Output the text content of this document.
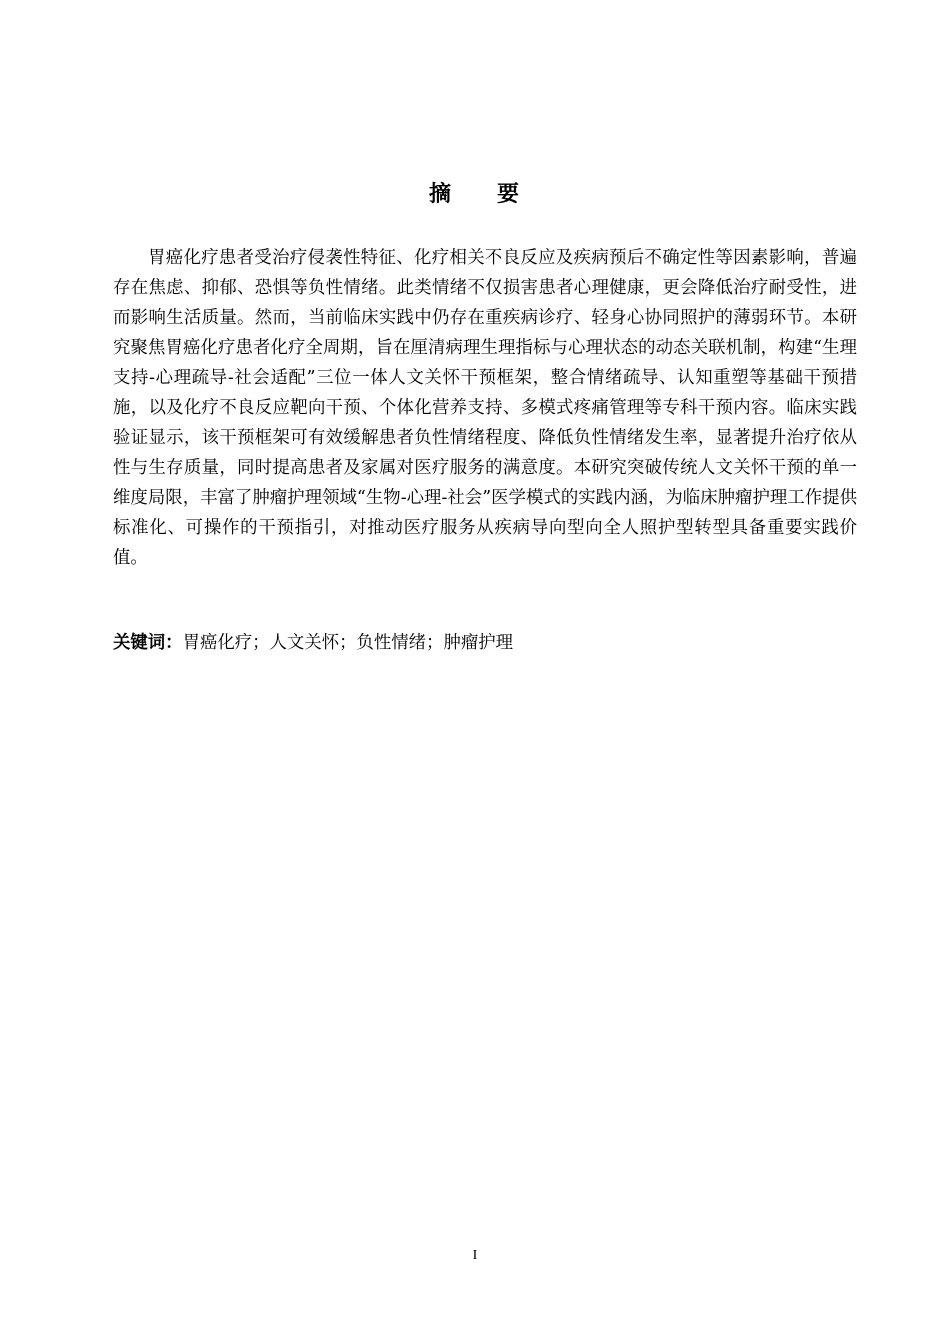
摘 要

胃癌化疗患者受治疗侵袭性特征、化疗相关不良反应及疾病预后不确定性等因素影响，普遍存在焦虑、抑郁、恐惧等负性情绪。此类情绪不仅损害患者心理健康，更会降低治疗耐受性，进而影响生活质量。然而，当前临床实践中仍存在重疾病诊疗、轻身心协同照护的薄弱环节。本研究聚焦胃癌化疗患者化疗全周期，旨在厘清病理生理指标与心理状态的动态关联机制，构建“生理支持-心理疏导-社会适配”三位一体人文关怀干预框架，整合情绪疏导、认知重塑等基础干预措施，以及化疗不良反应靶向干预、个体化营养支持、多模式疼痛管理等专科干预内容。临床实践验证显示，该干预框架可有效缓解患者负性情绪程度、降低负性情绪发生率，显著提升治疗依从性与生存质量，同时提高患者及家属对医疗服务的满意度。本研究突破传统人文关怀干预的单一维度局限，丰富了肿瘤护理领域“生物-心理-社会”医学模式的实践内涵，为临床肿瘤护理工作提供标准化、可操作的干预指引，对推动医疗服务从疾病导向型向全人照护型转型具备重要实践价值。

关键词：胃癌化疗；人文关怀；负性情绪；肿瘤护理
I
